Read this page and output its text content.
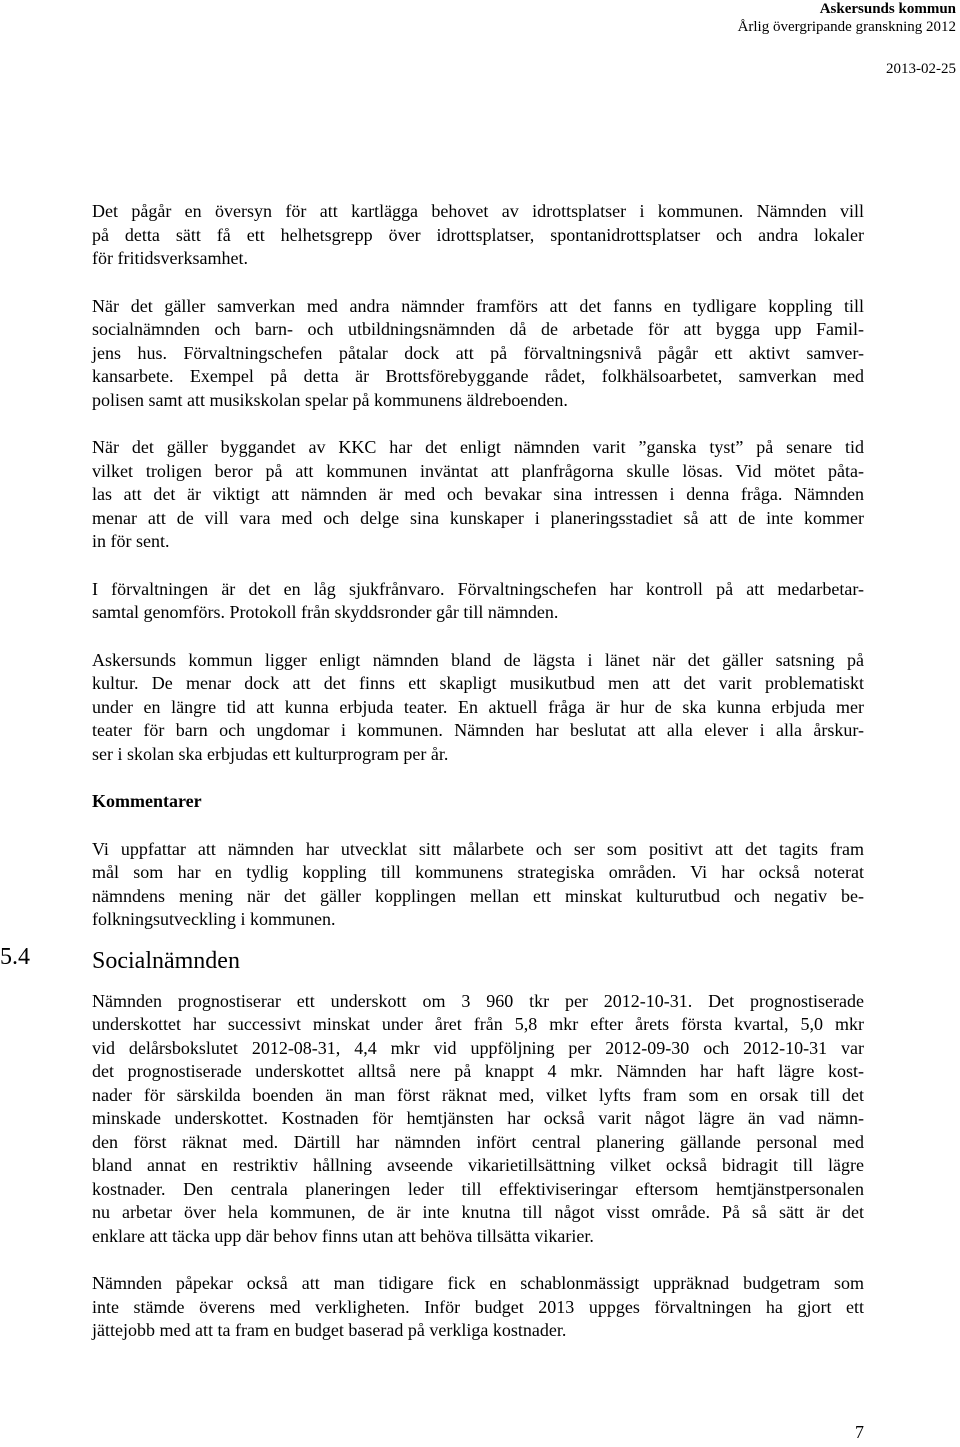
Askersunds kommun
Årlig övergripande granskning 2012
2013-02-25

Det pågår en översyn för att kartlägga behovet av idrottsplatser i kommunen. Nämnden vill
på detta sätt få ett helhetsgrepp över idrottsplatser, spontanidrottsplatser och andra lokaler
för fritidsverksamhet.

När det gäller samverkan med andra nämnder framförs att det fanns en tydligare koppling till
socialnämnden och barn- och utbildningsnämnden då de arbetade för att bygga upp Famil-
jens hus. Förvaltningschefen påtalar dock att på förvaltningsnivå pågår ett aktivt samver-
kansarbete. Exempel på detta är Brottsförebyggande rådet, folkhälsoarbetet, samverkan med
polisen samt att musikskolan spelar på kommunens äldreboenden.

När det gäller byggandet av KKC har det enligt nämnden varit ”ganska tyst” på senare tid
vilket troligen beror på att kommunen inväntat att planfrågorna skulle lösas. Vid mötet påta-
las att det är viktigt att nämnden är med och bevakar sina intressen i denna fråga. Nämnden
menar att de vill vara med och delge sina kunskaper i planeringsstadiet så att de inte kommer
in för sent.

I förvaltningen är det en låg sjukfrånvaro. Förvaltningschefen har kontroll på att medarbetar-
samtal genomförs. Protokoll från skyddsronder går till nämnden.

Askersunds kommun ligger enligt nämnden bland de lägsta i länet när det gäller satsning på
kultur. De menar dock att det finns ett skapligt musikutbud men att det varit problematiskt
under en längre tid att kunna erbjuda teater. En aktuell fråga är hur de ska kunna erbjuda mer
teater för barn och ungdomar i kommunen. Nämnden har beslutat att alla elever i alla årskur-
ser i skolan ska erbjudas ett kulturprogram per år.

Kommentarer

Vi uppfattar att nämnden har utvecklat sitt målarbete och ser som positivt att det tagits fram
mål som har en tydlig koppling till kommunens strategiska områden. Vi har också noterat
nämndens mening när det gäller kopplingen mellan ett minskat kulturutbud och negativ be-
folkningsutveckling i kommunen.

5.4	Socialnämnden

Nämnden prognostiserar ett underskott om 3 960 tkr per 2012-10-31. Det prognostiserade
underskottet har successivt minskat under året från 5,8 mkr efter årets första kvartal, 5,0 mkr
vid delårsbokslutet 2012-08-31, 4,4 mkr vid uppföljning per 2012-09-30 och 2012-10-31 var
det prognostiserade underskottet alltså nere på knappt 4 mkr. Nämnden har haft lägre kost-
nader för särskilda boenden än man först räknat med, vilket lyfts fram som en orsak till det
minskade underskottet. Kostnaden för hemtjänsten har också varit något lägre än vad nämn-
den först räknat med. Därtill har nämnden infört central planering gällande personal med
bland annat en restriktiv hållning avseende vikarietillsättning vilket också bidragit till lägre
kostnader. Den centrala planeringen leder till effektiviseringar eftersom hemtjänstpersonalen
nu arbetar över hela kommunen, de är inte knutna till något visst område. På så sätt är det
enklare att täcka upp där behov finns utan att behöva tillsätta vikarier.

Nämnden påpekar också att man tidigare fick en schablonmässigt uppräknad budgetram som
inte stämde överens med verkligheten. Inför budget 2013 uppges förvaltningen ha gjort ett
jättejobb med att ta fram en budget baserad på verkliga kostnader.

7
